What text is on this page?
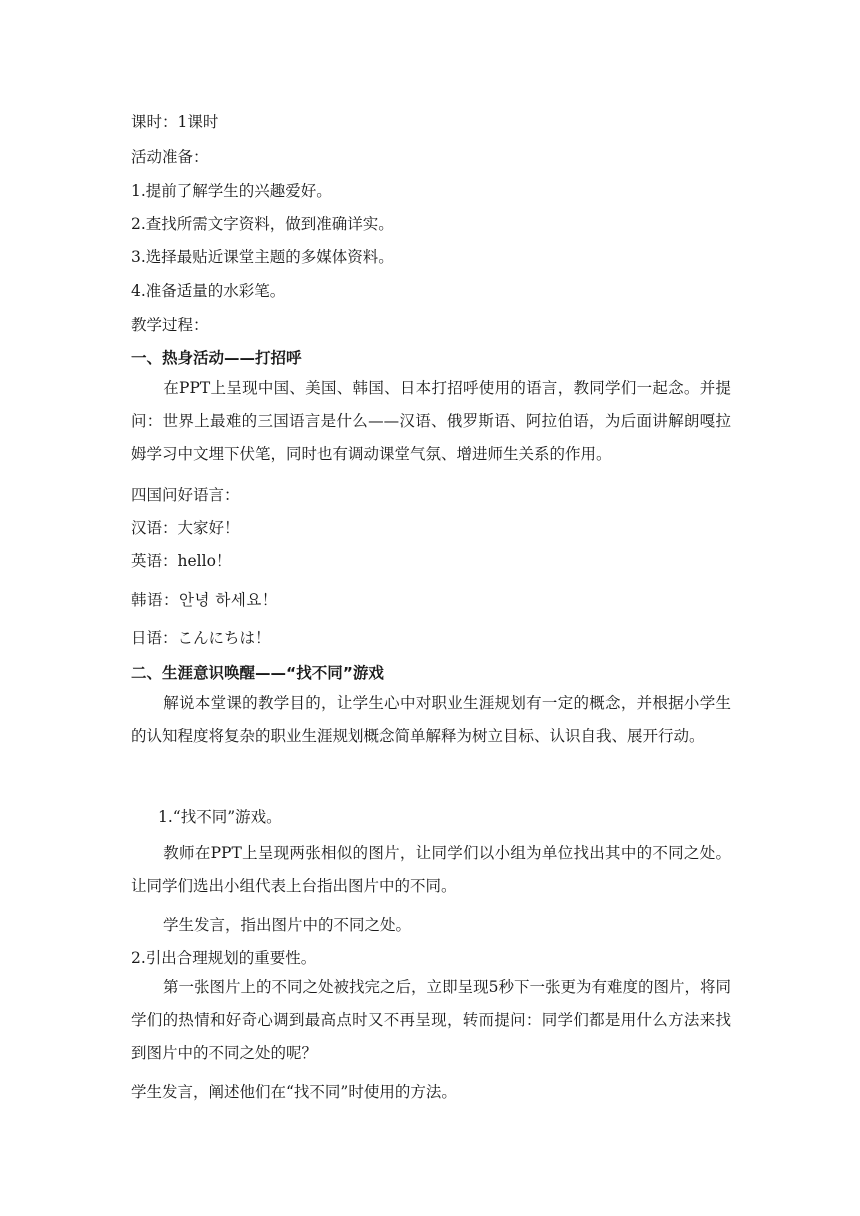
课时：1课时
活动准备：
1.提前了解学生的兴趣爱好。
2.查找所需文字资料，做到准确详实。
3.选择最贴近课堂主题的多媒体资料。
4.准备适量的水彩笔。
教学过程：
一、热身活动——打招呼
在PPT上呈现中国、美国、韩国、日本打招呼使用的语言，教同学们一起念。并提问：世界上最难的三国语言是什么——汉语、俄罗斯语、阿拉伯语，为后面讲解朗嘎拉姆学习中文埋下伏笔，同时也有调动课堂气氛、增进师生关系的作用。
四国问好语言：
汉语：大家好！
英语：hello！
韩语：안녕 하세요！
日语：こんにちは！
二、生涯意识唤醒——“找不同”游戏
解说本堂课的教学目的，让学生心中对职业生涯规划有一定的概念，并根据小学生的认知程度将复杂的职业生涯规划概念简单解释为树立目标、认识自我、展开行动。
1.“找不同”游戏。
教师在PPT上呈现两张相似的图片，让同学们以小组为单位找出其中的不同之处。让同学们选出小组代表上台指出图片中的不同。
学生发言，指出图片中的不同之处。
2.引出合理规划的重要性。
第一张图片上的不同之处被找完之后，立即呈现5秒下一张更为有难度的图片，将同学们的热情和好奇心调到最高点时又不再呈现，转而提问：同学们都是用什么方法来找到图片中的不同之处的呢？
学生发言，阐述他们在“找不同”时使用的方法。
